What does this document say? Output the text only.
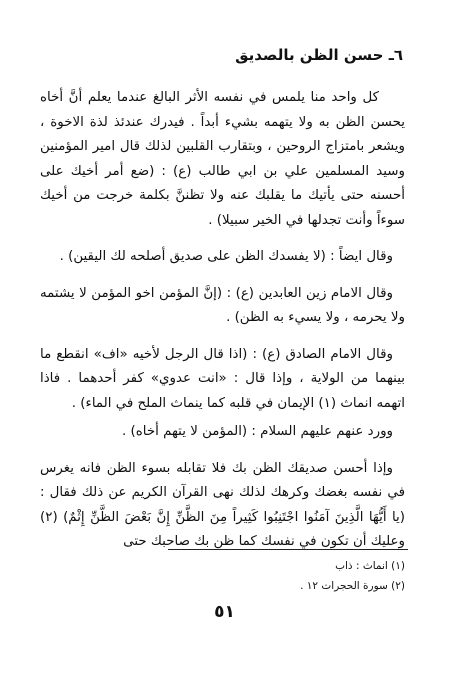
٦ـ حسن الظن بالصديق

كل واحد منا يلمس في نفسه الأثر البالغ عندما يعلم أنَّ أخاه يحسن الظن به ولا يتهمه بشيء أبداً . فيدرك عندئذ لذة الاخوة ، ويشعر بامتزاج الروحين ، وبتقارب القلبين لذلك قال امير المؤمنين وسيد المسلمين علي بن ابي طالب (ع) : (ضع أمر أخيك على أحسنه حتى يأتيك ما يقلبك عنه ولا تظننَّ بكلمة خرجت من أخيك سوءاً وأنت تجدلها في الخير سبيلا) .

وقال ايضاً : (لا يفسدك الظن على صديق أصلحه لك اليقين) .

وقال الامام زين العابدين (ع) : (إنَّ المؤمن اخو المؤمن لا يشتمه ولا يحرمه ، ولا يسيء به الظن) .

وقال الامام الصادق (ع) : (اذا قال الرجل لأخيه «اف» انقطع ما بينهما من الولاية ، وإذا قال : «انت عدوي» كفر أحدهما . فاذا اتهمه انماث (١) الإيمان في قلبه كما ينماث الملح في الماء) .

وورد عنهم عليهم السلام : (المؤمن لا يتهم أخاه) .

وإذا أحسن صديقك الظن بك فلا تقابله بسوء الظن فانه يغرس في نفسه بغضك وكرهك لذلك نهى القرآن الكريم عن ذلك فقال : (يا أَيُّهَا الَّذِينَ آمَنُوا اجْتَنِبُوا كَثِيراً مِنَ الظَّنِّ إِنَّ بَعْضَ الظَّنِّ إِثْمٌ) (٢) وعليك أن تكون في نفسك كما ظن بك صاحبك حتى

(١) انماث : ذاب
(٢) سورة الحجرات ١٢ .
٥١
